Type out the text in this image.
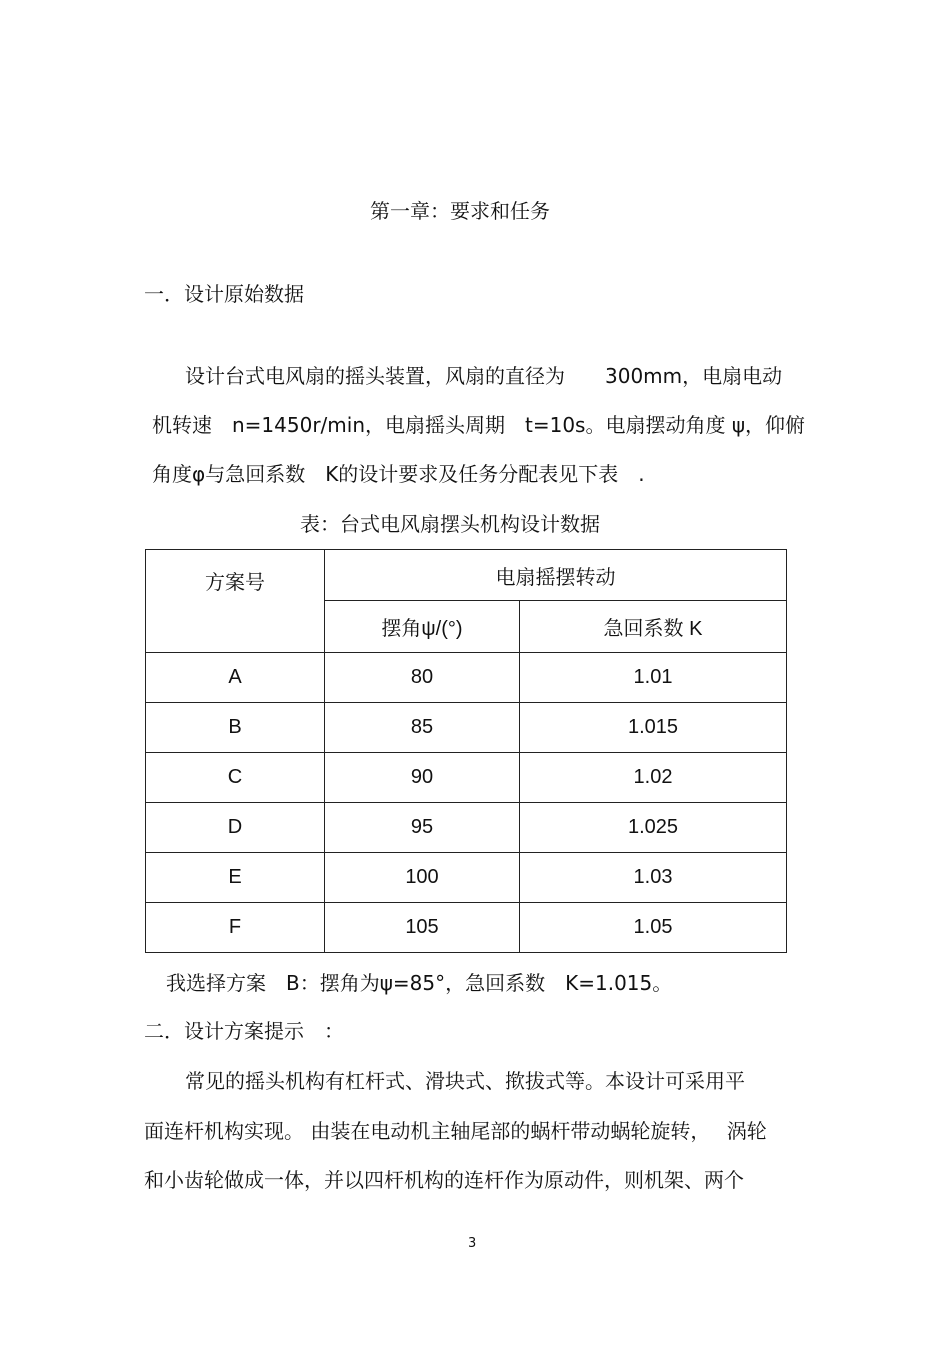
第一章：要求和任务
一．设计原始数据
设计台式电风扇的摇头装置，风扇的直径为　　300mm，电扇电动
机转速　n=1450r/min，电扇摇头周期　t=10s。电扇摆动角度 ψ，仰俯
角度φ与急回系数　K的设计要求及任务分配表见下表　.
表：台式电风扇摆头机构设计数据
方案号	电扇摇摆转动	
	摆角ψ/(°)	急回系数 K
A	80	1.01
B	85	1.015
C	90	1.02
D	95	1.025
E	100	1.03
F	105	1.05
我选择方案　B：摆角为ψ=85°，急回系数　K=1.015。
二．设计方案提示　：
常见的摇头机构有杠杆式、滑块式、揿拔式等。本设计可采用平
面连杆机构实现。 由装在电动机主轴尾部的蜗杆带动蜗轮旋转，　 涡轮
和小齿轮做成一体，并以四杆机构的连杆作为原动件，则机架、两个
3
